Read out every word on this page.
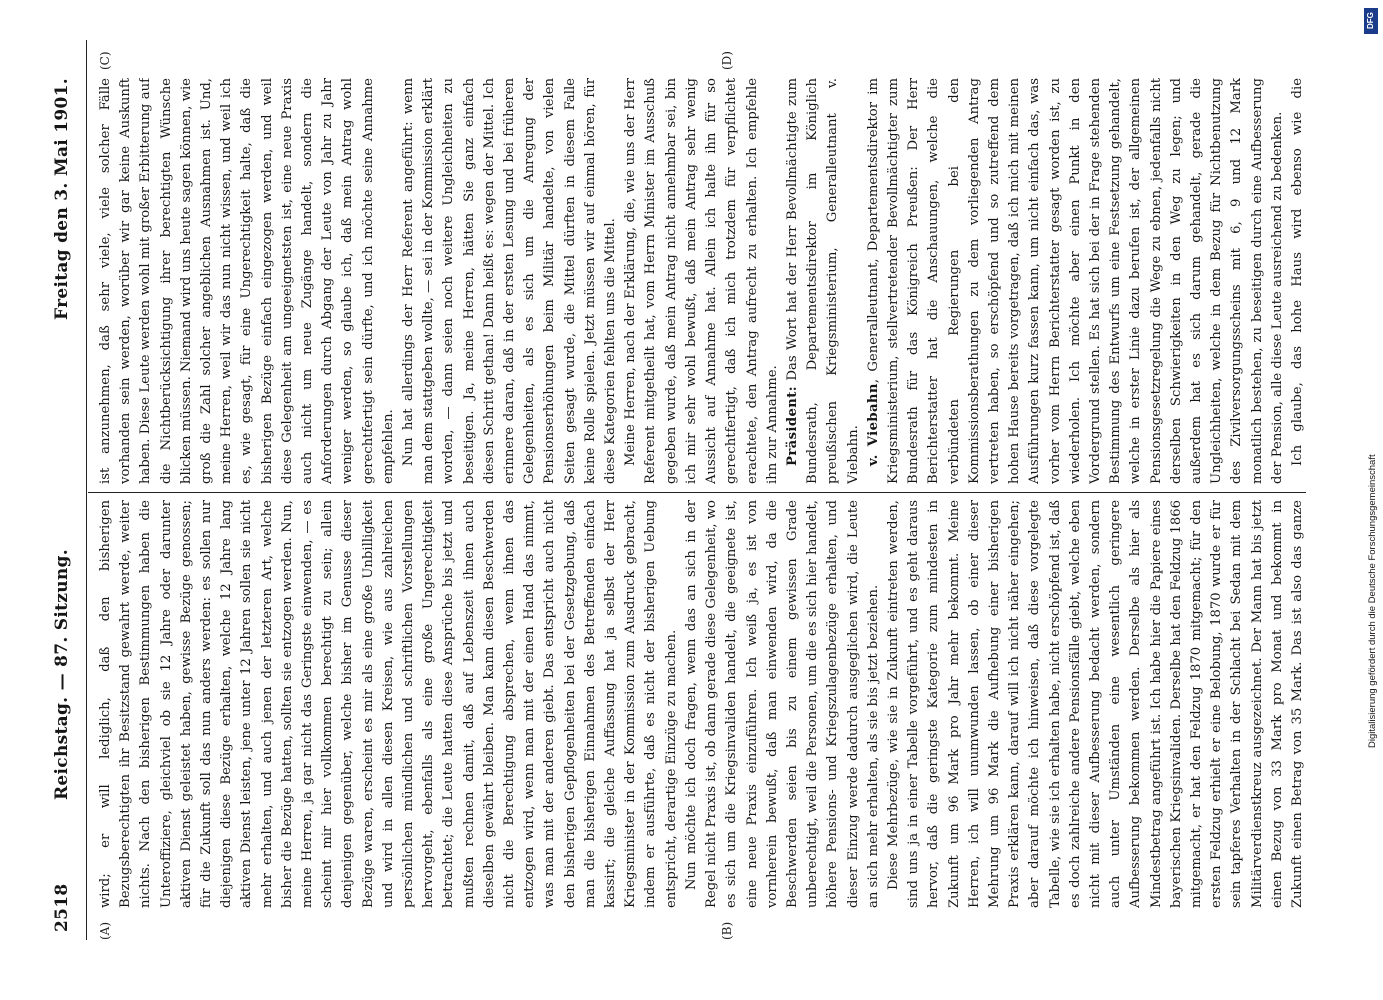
2518
Reichstag. — 87. Sitzung.
Freitag den 3. Mai 1901.
(A)	(B)
(C)	(D)

wird; er will lediglich, daß den bisherigen Bezugsberechtigten ihr Besitzstand gewahrt werde, weiter nichts. Nach den bisherigen Bestimmungen haben die Unteroffiziere, gleichviel ob sie 12 Jahre oder darunter aktiven Dienst geleistet haben, gewisse Bezüge genossen; für die Zukunft soll das nun anders werden: es sollen nur diejenigen diese Bezüge erhalten, welche 12 Jahre lang aktiven Dienst leisten, jene unter 12 Jahren sollen sie nicht mehr erhalten, und auch jenen der letzteren Art, welche bisher die Bezüge hatten, sollten sie entzogen werden. Nun, meine Herren, ja gar nicht das Geringste einwenden, — es scheint mir hier vollkommen berechtigt zu sein; allein denjenigen gegenüber, welche bisher im Genusse dieser Bezüge waren, erscheint es mir als eine große Unbilligkeit und wird in allen diesen Kreisen, wie aus zahlreichen persönlichen mündlichen und schriftlichen Vorstellungen hervorgeht, ebenfalls als eine große Ungerechtigkeit betrachtet; die Leute hatten diese Ansprüche bis jetzt und mußten rechnen damit, daß auf Lebenszeit ihnen auch dieselben gewährt bleiben. Man kann diesen Beschwerden nicht die Berechtigung absprechen, wenn ihnen das entzogen wird, wenn man mit der einen Hand das nimmt, was man mit der anderen giebt. Das entspricht auch nicht den bisherigen Gepflogenheiten bei der Gesetzgebung, daß man die bisherigen Einnahmen des Betreffenden einfach kassirt; die gleiche Auffassung hat ja selbst der Herr Kriegsminister in der Kommission zum Ausdruck gebracht, indem er ausführte, daß es nicht der bisherigen Uebung entspricht, derartige Einzüge zu machen. Nun möchte ich doch fragen, wenn das an sich in der Regel nicht Praxis ist, ob dann gerade diese Gelegenheit, wo es sich um die Kriegsinvaliden handelt, die geeignete ist, eine neue Praxis einzuführen. Ich weiß ja, es ist von vornherein bewußt, daß man einwenden wird, da die Beschwerden seien bis zu einem gewissen Grade unberechtigt, weil die Personen, um die es sich hier handelt, höhere Pensions- und Kriegszulagenbezüge erhalten, und dieser Einzug werde dadurch ausgeglichen wird, die Leute an sich mehr erhalten, als sie bis jetzt beziehen. Diese Mehrbezüge, wie sie in Zukunft eintreten werden, sind uns ja in einer Tabelle vorgeführt, und es geht daraus hervor, daß die geringste Kategorie zum mindesten in Zukunft um 96 Mark pro Jahr mehr bekommt. Meine Herren, ich will unumwunden lassen, ob einer dieser Mehrung um 96 Mark die Aufhebung einer bisherigen Praxis erklären kann, darauf will ich nicht näher eingehen; aber darauf möchte ich hinweisen, daß diese vorgelegte Tabelle, wie sie ich erhalten habe, nicht erschöpfend ist, daß es doch zahlreiche andere Pensionsfälle giebt, welche eben nicht mit dieser Aufbesserung bedacht werden, sondern auch unter Umständen eine wesentlich geringere Aufbesserung bekommen werden. Derselbe als hier als Mindestbetrag angeführt ist. Ich habe hier die Papiere eines bayerischen Kriegsinvaliden. Derselbe hat den Feldzug 1866 mitgemacht, er hat den Feldzug 1870 mitgemacht; für den ersten Feldzug erhielt er eine Belobung, 1870 wurde er für sein tapferes Verhalten in der Schlacht bei Sedan mit dem Militärverdienstkreuz ausgezeichnet. Der Mann hat bis jetzt einen Bezug von 33 Mark pro Monat und bekommt in Zukunft einen Betrag von 35 Mark. Das ist also das ganze

ist anzunehmen, daß sehr viele, viele solcher Fälle vorhanden sein werden, worüber wir gar keine Auskunft haben. Diese Leute werden wohl mit großer Erbitterung auf die Nichtberücksichtigung ihrer berechtigten Wünsche blicken müssen. Niemand wird uns heute sagen können, wie groß die Zahl solcher angeblichen Ausnahmen ist. Und, meine Herren, weil wir das nun nicht wissen, und weil ich es, wie gesagt, für eine Ungerechtigkeit halte, daß die bisherigen Bezüge einfach eingezogen werden, und weil diese Gelegenheit am ungeeignetsten ist, eine neue Praxis auch nicht um neue Zugänge handelt, sondern die Anforderungen durch Abgang der Leute von Jahr zu Jahr weniger werden, so glaube ich, daß mein Antrag wohl gerechtfertigt sein dürfte, und ich möchte seine Annahme empfehlen. Nun hat allerdings der Herr Referent angeführt: wenn man dem stattgeben wollte, — sei in der Kommission erklärt worden, — dann seien noch weitere Ungleichheiten zu beseitigen. Ja, meine Herren, hätten Sie ganz einfach diesen Schritt gethan! Dann heißt es: wegen der Mittel. Ich erinnere daran, daß in der ersten Lesung und bei früheren Gelegenheiten, als es sich um die Anregung der Pensionserhöhungen beim Militär handelte, von vielen Seiten gesagt wurde, die Mittel dürften in diesem Falle keine Rolle spielen. Jetzt müssen wir auf einmal hören, für diese Kategorien fehlten uns die Mittel. Meine Herren, nach der Erklärung, die, wie uns der Herr Referent mitgetheilt hat, vom Herrn Minister im Ausschuß gegeben wurde, daß mein Antrag nicht annehmbar sei, bin ich mir sehr wohl bewußt, daß mein Antrag sehr wenig Aussicht auf Annahme hat. Allein ich halte ihn für so gerechtfertigt, daß ich mich trotzdem für verpflichtet erachtete, den Antrag aufrecht zu erhalten. Ich empfehle ihn zur Annahme. Präsident: Das Wort hat der Herr Bevollmächtigte zum Bundesrath, Departementsdirektor im Königlich preußischen Kriegsministerium, Generalleutnant v. Viebahn. v. Viebahn, Generalleutnant, Departementsdirektor im Kriegsministerium, stellvertretender Bevollmächtigter zum Bundesrath für das Königreich Preußen: Der Herr Berichterstatter hat die Anschauungen, welche die verbündeten Regierungen bei den Kommissionsberathungen zu dem vorliegenden Antrag vertreten haben, so erschöpfend und so zutreffend dem hohen Hause bereits vorgetragen, daß ich mich mit meinen Ausführungen kurz fassen kann, um nicht einfach das, was vorher vom Herrn Berichterstatter gesagt worden ist, zu wiederholen. Ich möchte aber einen Punkt in den Vordergrund stellen. Es hat sich bei der in Frage stehenden Bestimmung des Entwurfs um eine Festsetzung gehandelt, welche in erster Linie dazu berufen ist, der allgemeinen Pensionsgesetzregelung die Wege zu ebnen, jedenfalls nicht derselben Schwierigkeiten in den Weg zu legen; und außerdem hat es sich darum gehandelt, gerade die Ungleichheiten, welche in dem Bezug für Nichtbenutzung des Zivilversorgungsscheins mit 6, 9 und 12 Mark monatlich bestehen, zu beseitigen durch eine Aufbesserung der Pension, alle diese Leute ausreichend zu bedenken. Ich glaube, das hohe Haus wird ebenso wie die

DFG
Digitalisierung gefördert durch die Deutsche Forschungsgemeinschaft
